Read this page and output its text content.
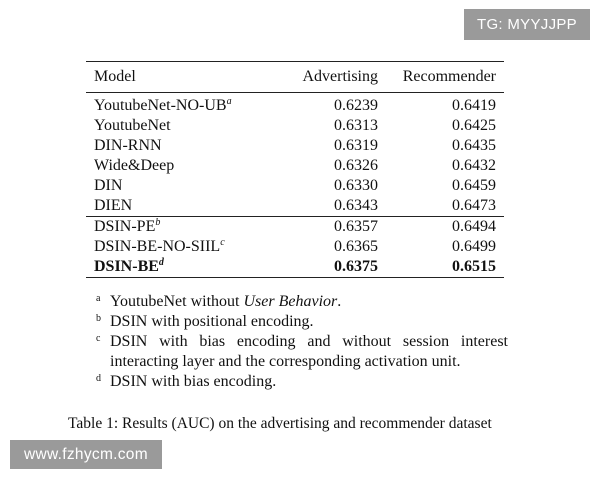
TG: MYYJJPP
Model	Advertising	Recommender
YoutubeNet-$NO-UB^a$	0.6239	0.6419
YoutubeNet	0.6313	0.6425
DIN-RNN	0.6319	0.6435
Wide&Deep	0.6326	0.6432
DIN	0.6330	0.6459
DIEN	0.6343	0.6473
DSIN-$PE^b$	0.6357	0.6494
DSIN-BE-NO-SIIL$^c$	0.6365	0.6499
DSIN-$BE^d$	0.6375	0.6515
a YoutubeNet without User Behavior.
b DSIN with positional encoding.
c DSIN with bias encoding and without session interest interacting layer and the corresponding activation unit.
d DSIN with bias encoding.
Table 1: Results (AUC) on the advertising and recommender dataset
www.fzhycm.com
